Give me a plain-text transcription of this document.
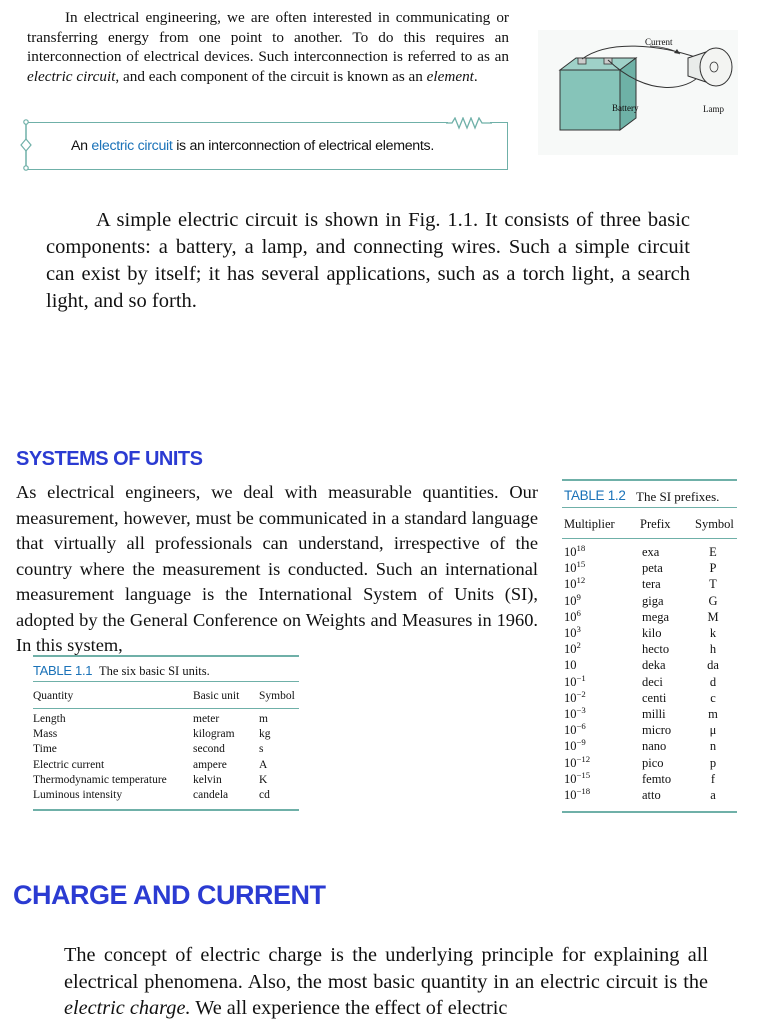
In electrical engineering, we are often interested in communicating or transferring energy from one point to another. To do this requires an interconnection of electrical devices. Such interconnection is referred to as an electric circuit, and each component of the circuit is known as an element.

An electric circuit is an interconnection of electrical elements.
Current
Battery	Lamp

A simple electric circuit is shown in Fig. 1.1. It consists of three basic components: a battery, a lamp, and connecting wires. Such a simple circuit can exist by itself; it has several applications, such as a torch light, a search light, and so forth.

SYSTEMS OF UNITS

As electrical engineers, we deal with measurable quantities. Our measurement, however, must be communicated in a standard language that virtually all professionals can understand, irrespective of the country where the measurement is conducted. Such an international measurement language is the International System of Units (SI), adopted by the General Conference on Weights and Measures in 1960. In this system,

TABLE 1.1 The six basic SI units.
Quantity	Basic unit Symbol
Length	meter	m
Mass	kilogram kg
Time	second	s
Electric current	ampere	A
Thermodynamic temperature kelvin	K
Luminous intensity	candela	cd
TABLE 1.2 The SI prefixes.
Multiplier Prefix Symbol
$10^{18}$	exa	E
$10^{15}$	peta	P
$10^{12}$	tera	T
$10^9$	giga	G
$10^6$	mega	M
$10^3$	kilo	k
$10^2$	hecto	h
10	deka	da
$10^{-1}$	deci	d
$10^{-2}$	centi	c
$10^{-3}$	milli	m
$10^{-6}$	micro	μ
$10^{-9}$	nano	n
$10^{-12}$	pico	p
$10^{-15}$	femto	f
$10^{-18}$	atto	a
CHARGE AND CURRENT

The concept of electric charge is the underlying principle for explaining all electrical phenomena. Also, the most basic quantity in an electric circuit is the electric charge. We all experience the effect of electric
